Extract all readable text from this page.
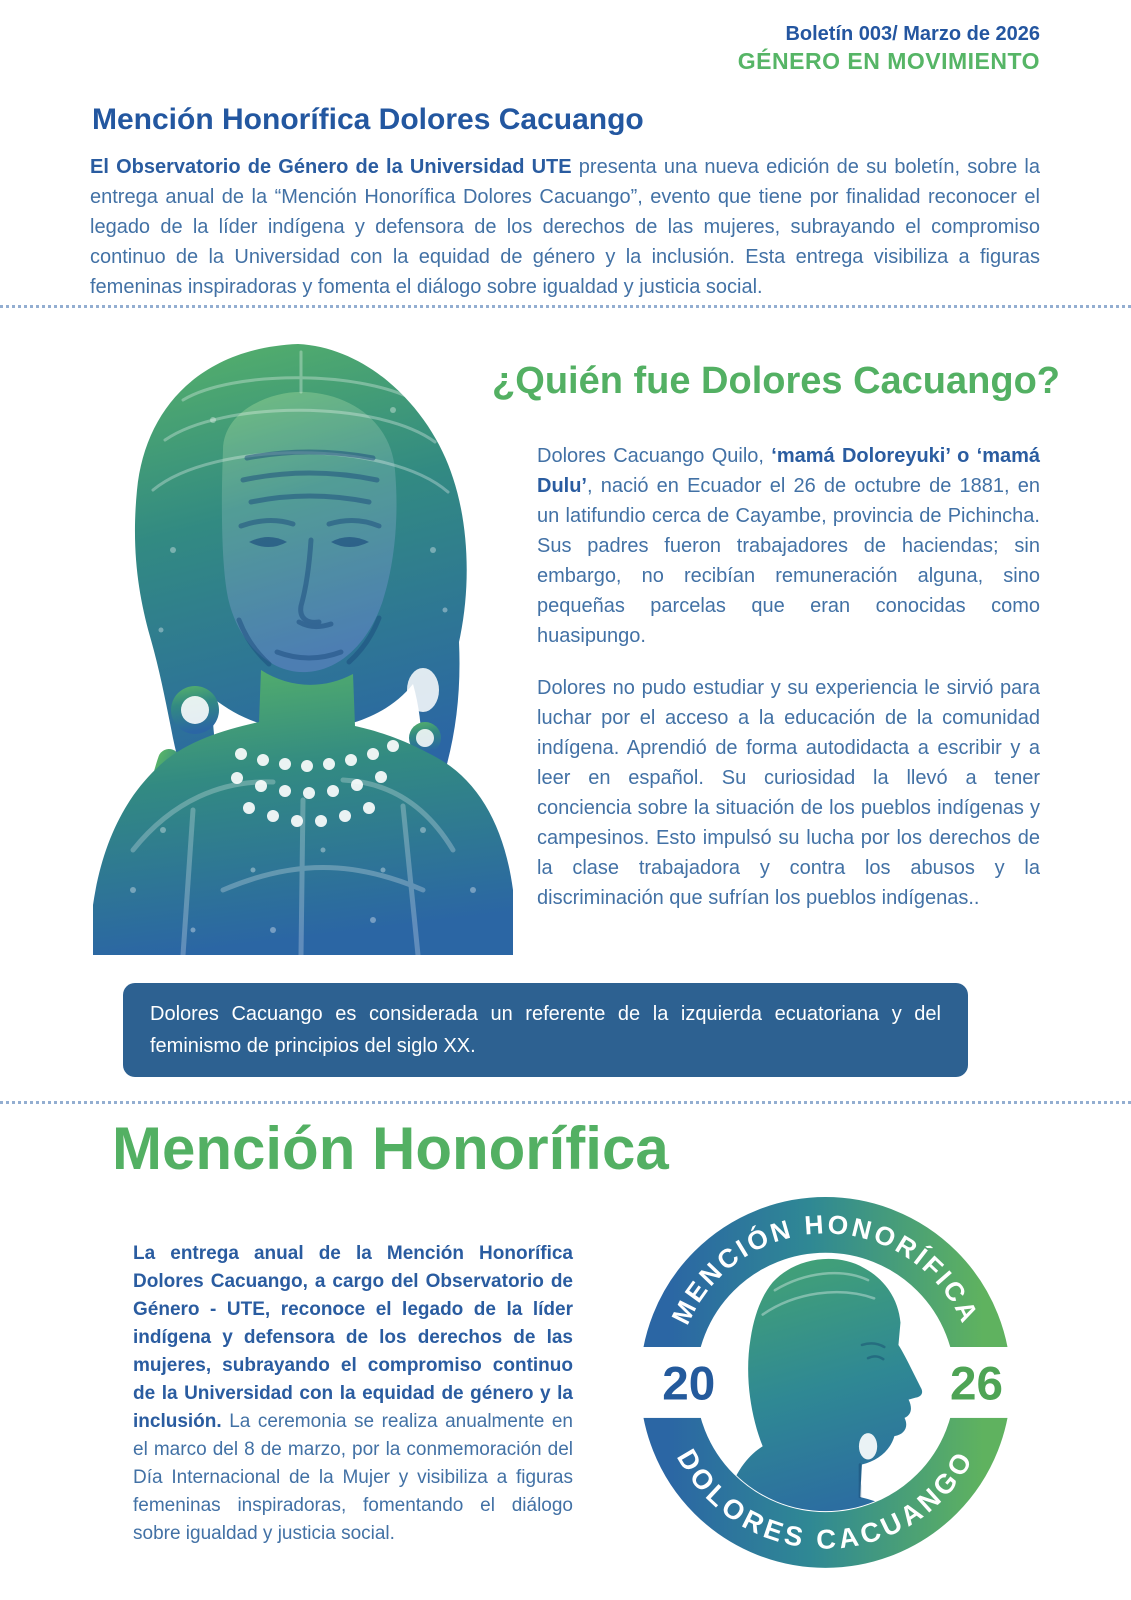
Boletín 003/ Marzo de 2026
GÉNERO EN MOVIMIENTO
Mención Honorífica Dolores Cacuango

El Observatorio de Género de la Universidad UTE presenta una nueva edición de su boletín, sobre la entrega anual de la “Mención Honorífica Dolores Cacuango”, evento que tiene por finalidad reconocer el legado de la líder indígena y defensora de los derechos de las mujeres, subrayando el compromiso continuo de la Universidad con la equidad de género y la inclusión. Esta entrega visibiliza a figuras femeninas inspiradoras y fomenta el diálogo sobre igualdad y justicia social.

¿Quién fue Dolores Cacuango?

Dolores Cacuango Quilo, ‘mamá Doloreyuki’ o ‘mamá Dulu’, nació en Ecuador el 26 de octubre de 1881, en un latifundio cerca de Cayambe, provincia de Pichincha. Sus padres fueron trabajadores de haciendas; sin embargo, no recibían remuneración alguna, sino pequeñas parcelas que eran conocidas como huasipungo.

Dolores no pudo estudiar y su experiencia le sirvió para luchar por el acceso a la educación de la comunidad indígena. Aprendió de forma autodidacta a escribir y a leer en español. Su curiosidad la llevó a tener conciencia sobre la situación de los pueblos indígenas y campesinos. Esto impulsó su lucha por los derechos de la clase trabajadora y contra los abusos y la discriminación que sufrían los pueblos indígenas..

Dolores Cacuango es considerada un referente de la izquierda ecuatoriana y del feminismo de principios del siglo XX.
Mención Honorífica

La entrega anual de la Mención Honorífica Dolores Cacuango, a cargo del Observatorio de Género - UTE, reconoce el legado de la líder indígena y defensora de los derechos de las mujeres, subrayando el compromiso continuo de la Universidad con la equidad de género y la inclusión. La ceremonia se realiza anualmente en el marco del 8 de marzo, por la conmemoración del Día Internacional de la Mujer y visibiliza a figuras femeninas inspiradoras, fomentando el diálogo sobre igualdad y justicia social.

MENCIÓN HONORÍFICA
DOLORES CACUANGO
20	26
